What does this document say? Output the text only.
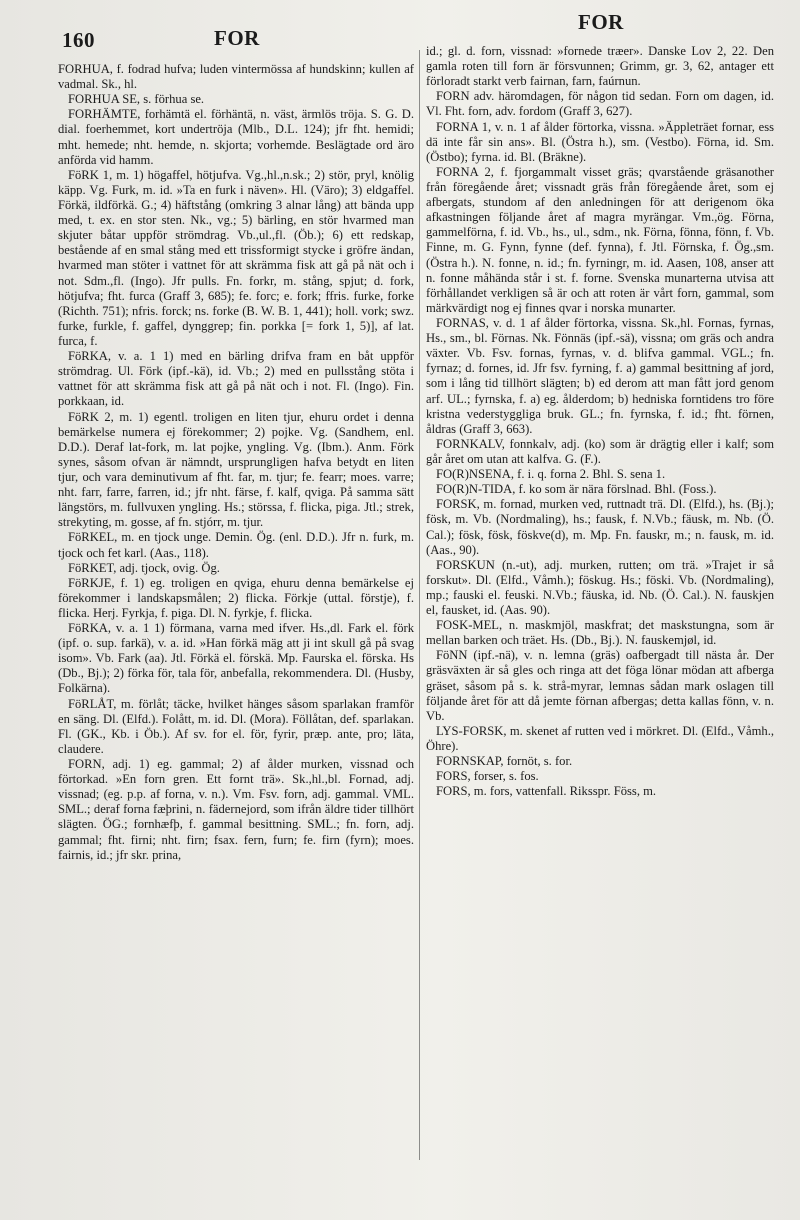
160	FOR
FOR

FORHUA, f. fodrad hufva; luden vintermössa af hundskinn; kullen af vadmal. Sk., hl.

FORHUA SE, s. förhua se.

FORHÄMTE, forhämtä el. förhäntä, n. väst, ärmlös tröja. S. G. D. dial. foerhemmet, kort undertröja (Mlb., D.L. 124); jfr fht. hemidi; mht. hemede; nht. hemde, n. skjorta; vorhemde. Beslägtade ord äro anförda vid hamm.

FöRK 1, m. 1) högaffel, hötjufva. Vg.,hl.,n.sk.; 2) stör, pryl, knölig käpp. Vg. Furk, m. id. »Ta en furk i näven». Hl. (Väro); 3) eldgaffel. Förkä, ildförkä. G.; 4) häftstång (omkring 3 alnar lång) att bända upp med, t. ex. en stor sten. Nk., vg.; 5) bärling, en stör hvarmed man skjuter båtar uppför strömdrag. Vb.,ul.,fl. (Öb.); 6) ett redskap, bestående af en smal stång med ett trissformigt stycke i gröfre ändan, hvarmed man stöter i vattnet för att skrämma fisk att gå på nät och i not. Sdm.,fl. (Ingo). Jfr pulls. Fn. forkr, m. stång, spjut; d. fork, hötjufva; fht. furca (Graff 3, 685); fe. forc; e. fork; ffris. furke, forke (Richth. 751); nfris. forck; ns. forke (B. W. B. 1, 441); holl. vork; swz. furke, furkle, f. gaffel, dynggrep; fin. porkka [= fork 1, 5)], af lat. furca, f.

FöRKA, v. a. 1 1) med en bärling drifva fram en båt uppför strömdrag. Ul. Förk (ipf.-kä), id. Vb.; 2) med en pullsstång stöta i vattnet för att skrämma fisk att gå på nät och i not. Fl. (Ingo). Fin. porkkaan, id.

FöRK 2, m. 1) egentl. troligen en liten tjur, ehuru ordet i denna bemärkelse numera ej förekommer; 2) pojke. Vg. (Sandhem, enl. D.D.). Deraf lat-fork, m. lat pojke, yngling. Vg. (Ibm.). Anm. Förk synes, såsom ofvan är nämndt, ursprungligen hafva betydt en liten tjur, och vara deminutivum af fht. far, m. tjur; fe. fearr; moes. varre; nht. farr, farre, farren, id.; jfr nht. färse, f. kalf, qviga. På samma sätt längstörs, m. fullvuxen yngling. Hs.; störssa, f. flicka, piga. Jtl.; strek, strekyting, m. gosse, af fn. stjórr, m. tjur.

FöRKEL, m. en tjock unge. Demin. Ög. (enl. D.D.). Jfr n. furk, m. tjock och fet karl. (Aas., 118).

FöRKET, adj. tjock, ovig. Ög.

FöRKJE, f. 1) eg. troligen en qviga, ehuru denna bemärkelse ej förekommer i landskapsmålen; 2) flicka. Förkje (uttal. förstje), f. flicka. Herj. Fyrkja, f. piga. Dl. N. fyrkje, f. flicka.

FöRKA, v. a. 1 1) förmana, varna med ifver. Hs.,dl. Fark el. förk (ipf. o. sup. farkä), v. a. id. »Han förkä mäg att ji int skull gå på svag isom». Vb. Fark (aa). Jtl. Förkä el. förskä. Mp. Faurska el. förska. Hs (Db., Bj.); 2) förka för, tala för, anbefalla, rekommendera. Dl. (Husby, Folkärna).

FöRLÅT, m. förlåt; täcke, hvilket hänges såsom sparlakan framför en säng. Dl. (Elfd.). Folått, m. id. Dl. (Mora). Föllåtan, def. sparlakan. Fl. (GK., Kb. i Öb.). Af sv. for el. för, fyrir, præp. ante, pro; läta, claudere.

FORN, adj. 1) eg. gammal; 2) af ålder murken, vissnad och förtorkad. »En forn gren. Ett fornt trä». Sk.,hl.,bl. Fornad, adj. vissnad; (eg. p.p. af forna, v. n.). Vm. Fsv. forn, adj. gammal. VML. SML.; deraf forna fæþrini, n. fädernejord, som ifrån äldre tider tillhört slägten. ÖG.; fornhæfþ, f. gammal besittning. SML.; fn. forn, adj. gammal; fht. firni; nht. firn; fsax. fern, furn; fe. firn (fyrn); moes. fairnis, id.; jfr skr. prina,

id.; gl. d. forn, vissnad: »fornede træer». Danske Lov 2, 22. Den gamla roten till forn är försvunnen; Grimm, gr. 3, 62, antager ett förloradt starkt verb fairnan, farn, faúrnun.

FORN adv. häromdagen, för någon tid sedan. Forn om dagen, id. Vl. Fht. forn, adv. fordom (Graff 3, 627).

FORNA 1, v. n. 1 af ålder förtorka, vissna. »Äppleträet fornar, ess dä inte får sin ans». Bl. (Östra h.), sm. (Vestbo). Förna, id. Sm. (Östbo); fyrna. id. Bl. (Bräkne).

FORNA 2, f. fjorgammalt visset gräs; qvarstående gräsanother från föregående året; vissnadt gräs från föregående året, som ej afbergats, stundom af den anledningen för att derigenom öka afkastningen följande året af magra myrängar. Vm.,ög. Förna, gammelförna, f. id. Vb., hs., ul., sdm., nk. Förna, fönna, fönn, f. Vb. Finne, m. G. Fynn, fynne (def. fynna), f. Jtl. Förnska, f. Ög.,sm. (Östra h.). N. fonne, n. id.; fn. fyrningr, m. id. Aasen, 108, anser att n. fonne måhända står i st. f. forne. Svenska munarterna utvisa att förhållandet verkligen så är och att roten är vårt forn, gammal, som märkvärdigt nog ej finnes qvar i norska munarter.

FORNAS, v. d. 1 af ålder förtorka, vissna. Sk.,hl. Fornas, fyrnas, Hs., sm., bl. Förnas. Nk. Fönnäs (ipf.-sä), vissna; om gräs och andra växter. Vb. Fsv. fornas, fyrnas, v. d. blifva gammal. VGL.; fn. fyrnaz; d. fornes, id. Jfr fsv. fyrning, f. a) gammal besittning af jord, som i lång tid tillhört slägten; b) ed derom att man fått jord genom arf. UL.; fyrnska, f. a) eg. ålderdom; b) hedniska forntidens tro före kristna vederstyggliga bruk. GL.; fn. fyrnska, f. id.; fht. förnen, åldras (Graff 3, 663).

FORNKALV, fonnkalv, adj. (ko) som är drägtig eller i kalf; som går året om utan att kalfva. G. (F.).

FO(R)NSENA, f. i. q. forna 2. Bhl. S. sena 1.

FO(R)N-TIDA, f. ko som är nära förslnad. Bhl. (Foss.).

FORSK, m. fornad, murken ved, ruttnadt trä. Dl. (Elfd.), hs. (Bj.); fösk, m. Vb. (Nordmaling), hs.; fausk, f. N.Vb.; fäusk, m. Nb. (Ö. Cal.); fösk, fösk, föskve(d), m. Mp. Fn. fauskr, m.; n. fausk, m. id. (Aas., 90).

FORSKUN (n.-ut), adj. murken, rutten; om trä. »Trajet ir så forskut». Dl. (Elfd., Våmh.); föskug. Hs.; föski. Vb. (Nordmaling), mp.; fauski el. feuski. N.Vb.; fäuska, id. Nb. (Ö. Cal.). N. fauskjen el, fausket, id. (Aas. 90).

FOSK-MEL, n. maskmjöl, maskfrat; det maskstungna, som är mellan barken och träet. Hs. (Db., Bj.). N. fauskemjøl, id.

FöNN (ipf.-nä), v. n. lemna (gräs) oafbergadt till nästa år. Der gräsväxten är så gles och ringa att det föga lönar mödan att afberga gräset, såsom på s. k. strå-myrar, lemnas sådan mark oslagen till följande året för att då jemte förnan afbergas; detta kallas fönn, v. n. Vb.

LYS-FORSK, m. skenet af rutten ved i mörkret. Dl. (Elfd., Våmh., Öhre).

FORNSKAP, fornöt, s. for.

FORS, forser, s. fos.

FORS, m. fors, vattenfall. Riksspr. Föss, m.
